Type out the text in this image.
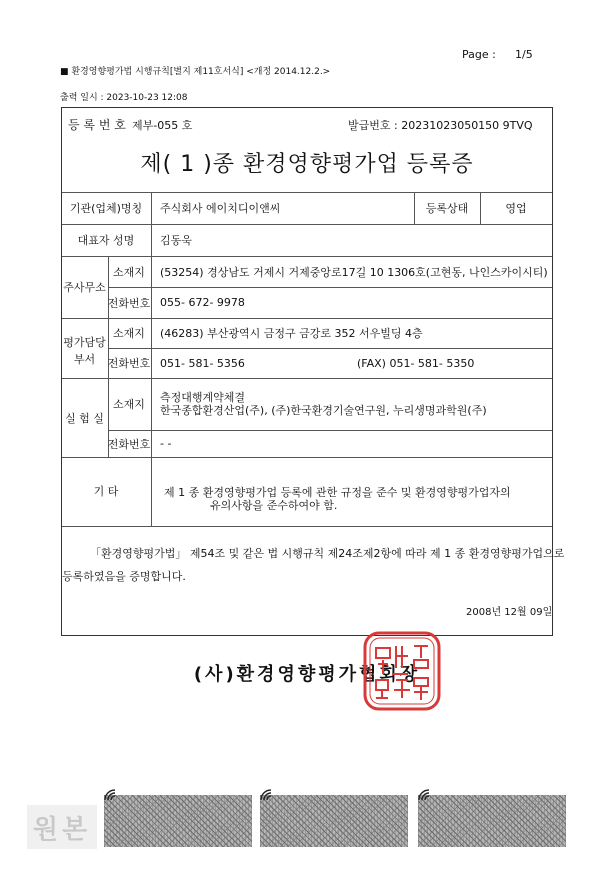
Page : 1/5
■ 환경영향평가법 시행규칙[별지 제11호서식] <개정 2014.12.2.>
출력 일시 : 2023-10-23 12:08
등 록 번 호 제부-055 호	발급번호 : 20231023050150 9TVQ
제( 1 )종 환경영향평가업 등록증
기관(업체)명칭	주식회사 에이치디이앤씨	등록상태	영업
대표자 성명	김동욱
주사무소
소재지	(53254) 경상남도 거제시 거제중앙로17길 10 1306호(고현동, 나인스카이시티)
전화번호 055- 672- 9978
평가담당
부서
소재지	(46283) 부산광역시 금정구 금강로 352 서우빌딩 4층
전화번호 051- 581- 5356	(FAX) 051- 581- 5350
실 험 실
소재지
측정대행계약체결
한국종합환경산업(주), (주)한국환경기술연구원, 누리생명과학원(주)
전화번호 - -
기 타	제 1 종 환경영향평가업 등록에 관한 규정을 준수 및 환경영향평가업자의
유의사항을 준수하여야 함.
「환경영향평가법」 제54조 및 같은 법 시행규칙 제24조제2항에 따라 제 1 종 환경영향평가업으로
등록하였음을 증명합니다.
2008년 12월 09일
(사)환경영향평가협회장
원본
